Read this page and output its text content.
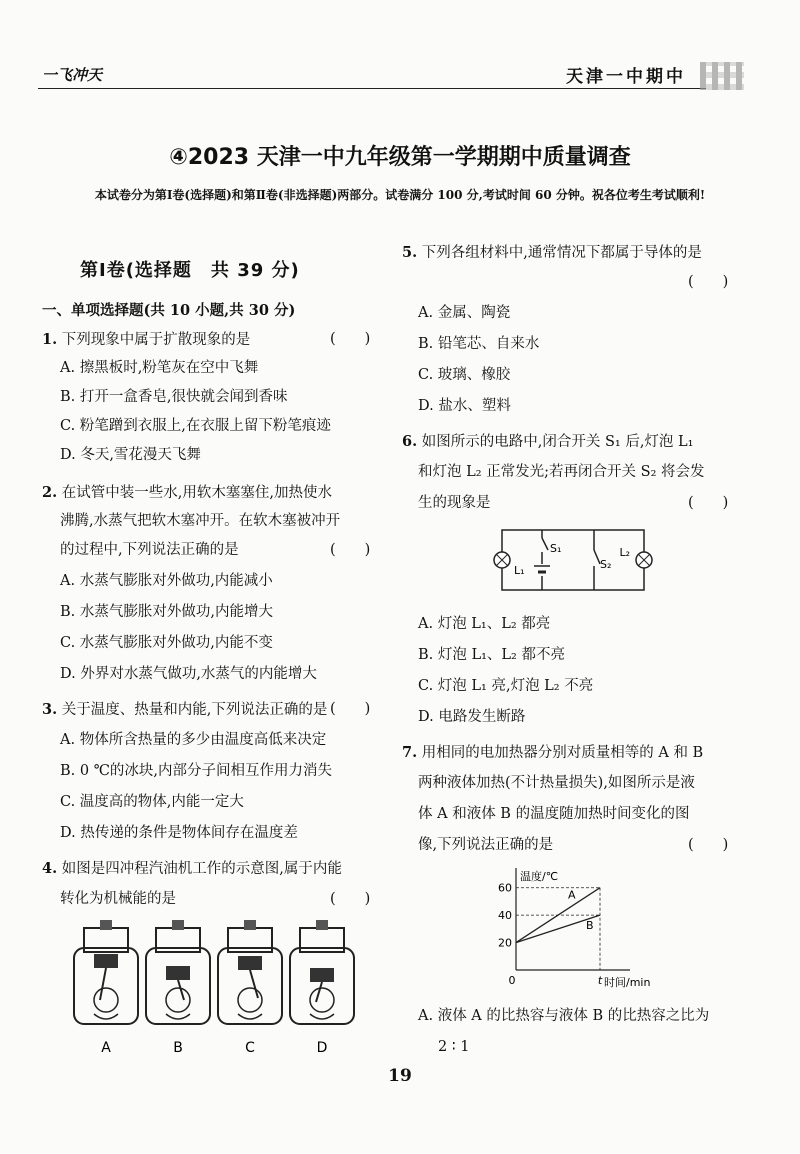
一飞冲天	天津一中期中
④2023 天津一中九年级第一学期期中质量调查
本试卷分为第Ⅰ卷(选择题)和第Ⅱ卷(非选择题)两部分。试卷满分 100 分,考试时间 60 分钟。祝各位考生考试顺利!
第Ⅰ卷(选择题　共 39 分)
一、单项选择题(共 10 小题,共 30 分)
1. 下列现象中属于扩散现象的是	(　　)
A. 擦黑板时,粉笔灰在空中飞舞
B. 打开一盒香皂,很快就会闻到香味
C. 粉笔蹭到衣服上,在衣服上留下粉笔痕迹
D. 冬天,雪花漫天飞舞
2. 在试管中装一些水,用软木塞塞住,加热使水
沸腾,水蒸气把软木塞冲开。在软木塞被冲开
的过程中,下列说法正确的是	(　　)
A. 水蒸气膨胀对外做功,内能减小
B. 水蒸气膨胀对外做功,内能增大
C. 水蒸气膨胀对外做功,内能不变
D. 外界对水蒸气做功,水蒸气的内能增大
3. 关于温度、热量和内能,下列说法正确的是 (　　)
A. 物体所含热量的多少由温度高低来决定
B. 0 ℃的冰块,内部分子间相互作用力消失
C. 温度高的物体,内能一定大
D. 热传递的条件是物体间存在温度差
4. 如图是四冲程汽油机工作的示意图,属于内能
转化为机械能的是	(　　)
A	B	C	D
5. 下列各组材料中,通常情况下都属于导体的是
(　　)
A. 金属、陶瓷
B. 铅笔芯、自来水
C. 玻璃、橡胶
D. 盐水、塑料
6. 如图所示的电路中,闭合开关 S₁ 后,灯泡 L₁
和灯泡 L₂ 正常发光;若再闭合开关 S₂ 将会发
生的现象是	(　　)
L₁
S₁
S₂
L₂
A. 灯泡 L₁、L₂ 都亮
B. 灯泡 L₁、L₂ 都不亮
C. 灯泡 L₁ 亮,灯泡 L₂ 不亮
D. 电路发生断路
7. 用相同的电加热器分别对质量相等的 A 和 B
两种液体加热(不计热量损失),如图所示是液
体 A 和液体 B 的温度随加热时间变化的图
像,下列说法正确的是	(　　)
A. 液体 A 的比热容与液体 B 的比热容之比为
2 ∶ 1
温度/℃
时间/min
20
40
60
0	t
A
B
19
